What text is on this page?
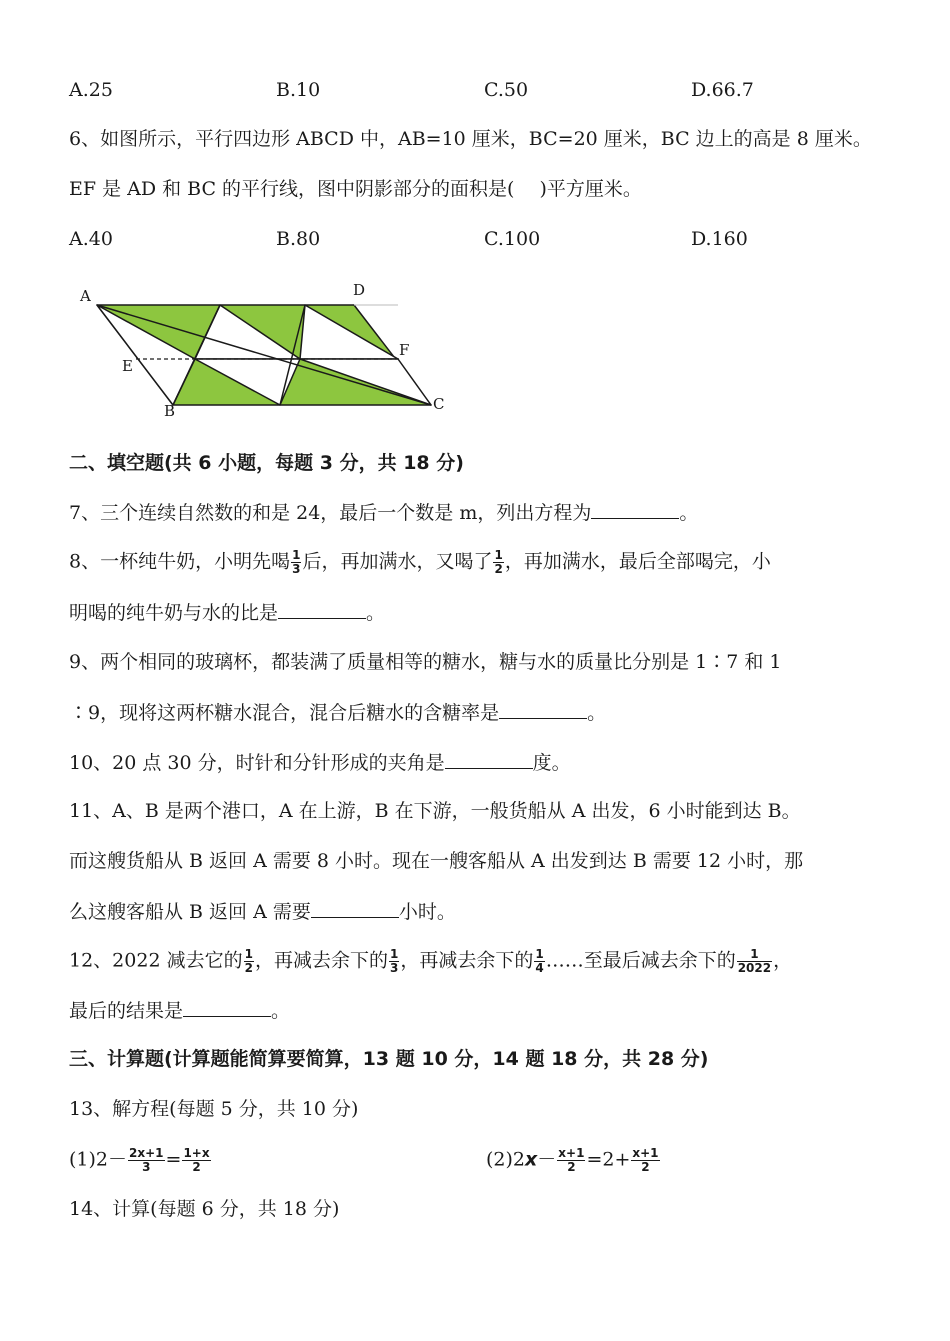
A.25	B.10	C.50	D.66.7
6、如图所示，平行四边形 ABCD 中，AB=10 厘米，BC=20 厘米，BC 边上的高是 8 厘米。
EF 是 AD 和 BC 的平行线，图中阴影部分的面积是(　 )平方厘米。
A.40	B.80	C.100	D.160
A	D
E
F
B	C
二、填空题(共 6 小题，每题 3 分，共 18 分)
7、三个连续自然数的和是 24，最后一个数是 m，列出方程为	。
8、一杯纯牛奶，小明先喝 $\frac{1}{3}$ 后，再加满水，又喝了 $\frac{1}{2}$ ，再加满水，最后全部喝完，小
明喝的纯牛奶与水的比是	。
9、两个相同的玻璃杯，都装满了质量相等的糖水，糖与水的质量比分别是 1∶7 和 1
∶9，现将这两杯糖水混合，混合后糖水的含糖率是	。
10、20 点 30 分，时针和分针形成的夹角是	度。
11、A、B 是两个港口，A 在上游，B 在下游，一般货船从 A 出发，6 小时能到达 B。
而这艘货船从 B 返回 A 需要 8 小时。现在一艘客船从 A 出发到达 B 需要 12 小时，那
么这艘客船从 B 返回 A 需要	小时。
12、2022 减去它的 $\frac{1}{2}$ ，再减去余下的 $\frac{1}{3}$ ，再减去余下的 $\frac{1}{4}$ ……至最后减去余下的 $\frac{1}{2022}$ ，
最后的结果是	。
三、计算题(计算题能简算要简算，13 题 10 分，14 题 18 分，共 28 分)
13、解方程(每题 5 分，共 10 分)
$(1)2- \frac{2x+1}{3} = \frac{1+x}{2}$	$(2)2x- \frac{x+1}{2} =2+ \frac{x+1}{2}$
14、计算(每题 6 分，共 18 分)
